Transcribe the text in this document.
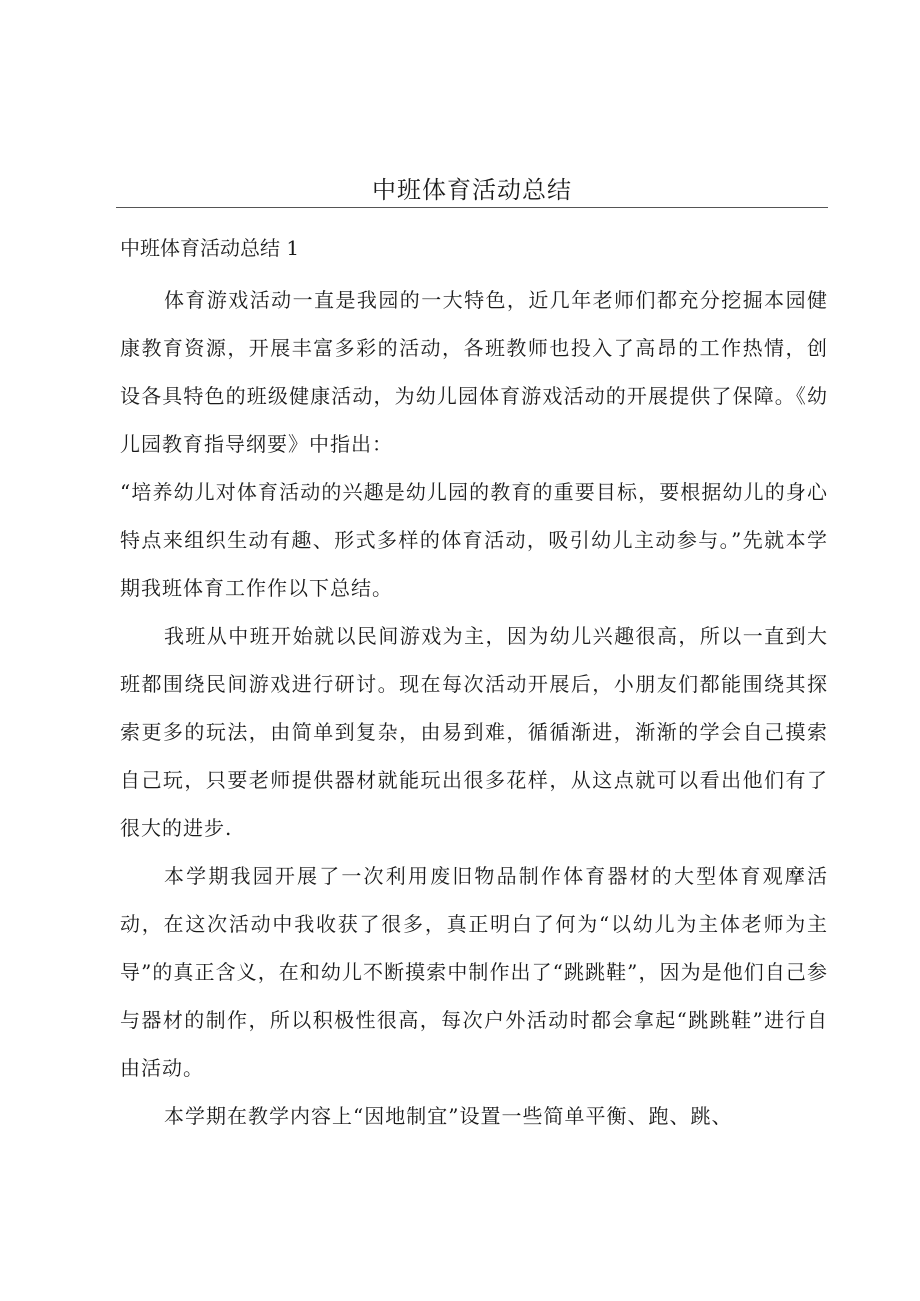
中班体育活动总结
中班体育活动总结 1

体育游戏活动一直是我园的一大特色，近几年老师们都充分挖掘本园健康教育资源，开展丰富多彩的活动，各班教师也投入了高昂的工作热情，创设各具特色的班级健康活动，为幼儿园体育游戏活动的开展提供了保障。《幼儿园教育指导纲要》中指出：

“培养幼儿对体育活动的兴趣是幼儿园的教育的重要目标，要根据幼儿的身心特点来组织生动有趣、形式多样的体育活动，吸引幼儿主动参与。”先就本学期我班体育工作作以下总结。

我班从中班开始就以民间游戏为主，因为幼儿兴趣很高，所以一直到大班都围绕民间游戏进行研讨。现在每次活动开展后，小朋友们都能围绕其探索更多的玩法，由简单到复杂，由易到难，循循渐进，渐渐的学会自己摸索自己玩，只要老师提供器材就能玩出很多花样，从这点就可以看出他们有了很大的进步.

本学期我园开展了一次利用废旧物品制作体育器材的大型体育观摩活动，在这次活动中我收获了很多，真正明白了何为“以幼儿为主体老师为主导”的真正含义，在和幼儿不断摸索中制作出了“跳跳鞋”，因为是他们自己参与器材的制作，所以积极性很高，每次户外活动时都会拿起“跳跳鞋”进行自由活动。

本学期在教学内容上“因地制宜”设置一些简单平衡、跑、跳、
